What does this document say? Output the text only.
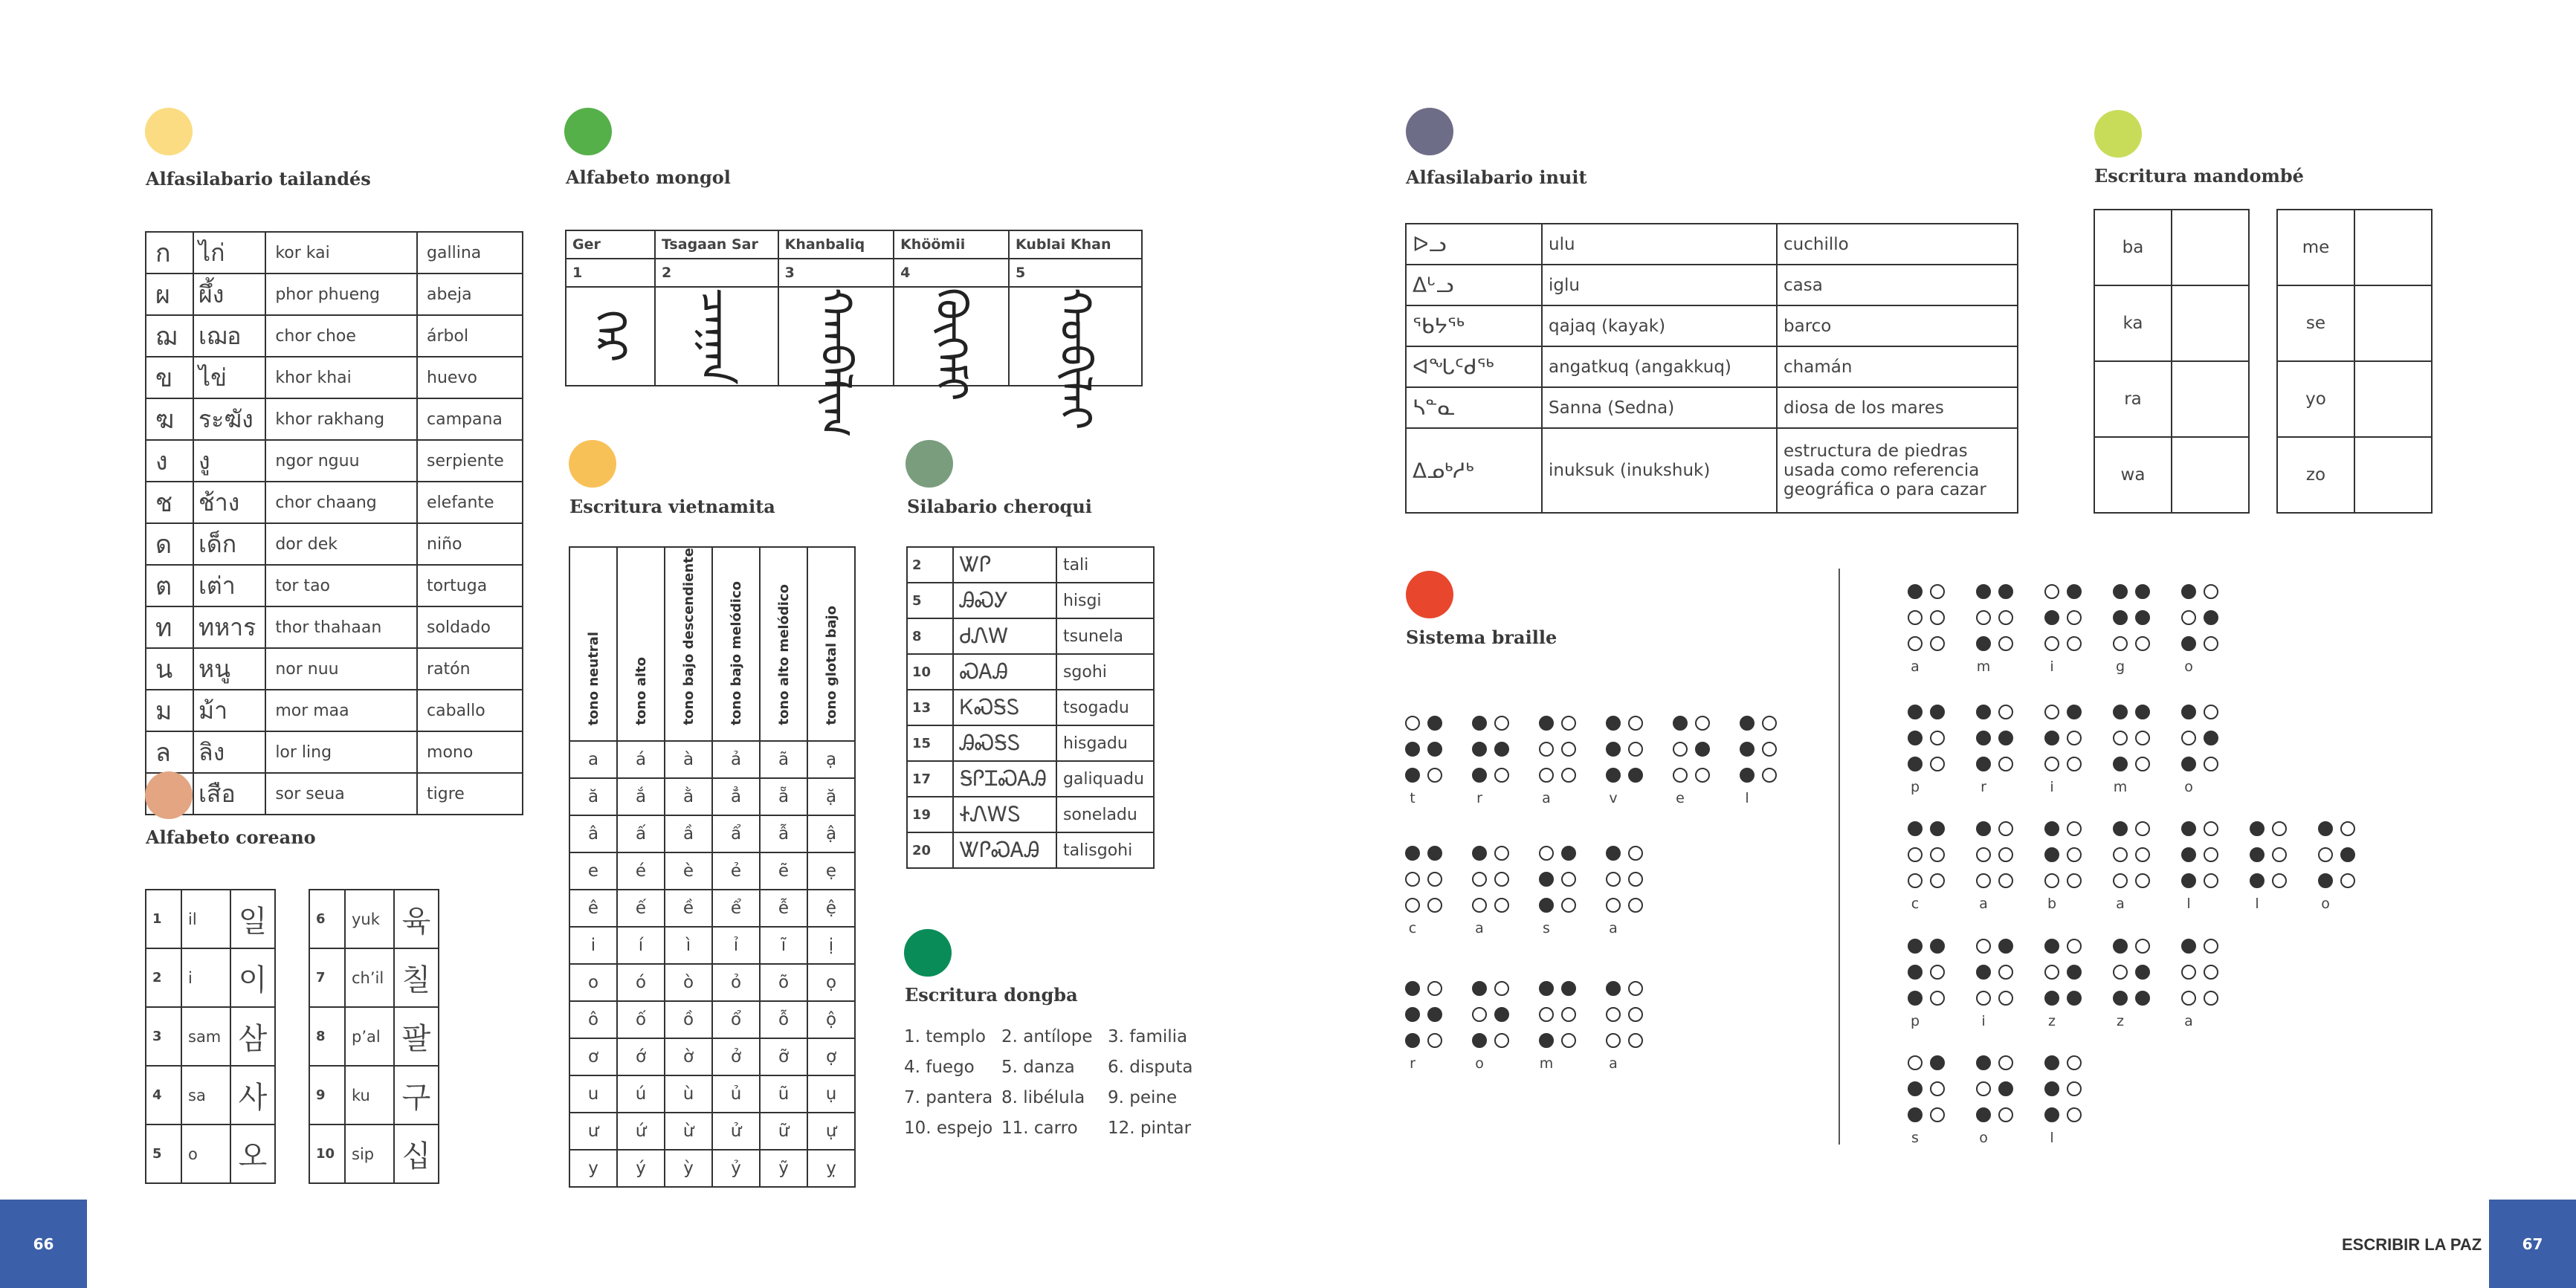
Alfasilabario tailandés
ก	ไก่	kor kai	gallina
ผ	ผึ้ง	phor phueng	abeja
ฌ	เฌอ	chor choe	árbol
ข	ไข่	khor khai	huevo
ฆ	ระฆัง	khor rakhang	campana
ง	งู	ngor nguu	serpiente
ช	ช้าง	chor chaang	elefante
ด	เด็ก	dor dek	niño
ต	เต่า	tor tao	tortuga
ท	ทหาร	thor thahaan	soldado
น	หนู	nor nuu	ratón
ม	ม้า	mor maa	caballo
ล	ลิง	lor ling	mono
	เสือ	sor seua	tigre
Alfabeto coreano
1	il	일
2	i	이
3	sam	삼
4	sa	사
5	o	오
6	yuk	육
7	ch’il	칠
8	p’al	팔
9	ku	구
10	sip	십
Alfabeto mongol
Ger	Tsagaan Sar	Khanbaliq	Khöömii	Kublai Khan
1	2	3	4	5
ᠭᠡᠷ	ᠴᠠᠭᠠᠨ	ᠬᠠᠨᠪᠠᠯᠢᠭ	ᠬᠥᠭᠡᠮᠢ	ᠬᠤᠪᠢᠯᠠᠢ
Escritura vietnamita
tono neutral	tono alto	tono bajo descendiente	tono bajo melódico	tono alto melódico	tono glotal bajo
a	á	à	ả	ã	ạ
ă	ắ	ằ	ẳ	ẵ	ặ
â	ấ	ầ	ẩ	ẫ	ậ
e	é	è	ẻ	ẽ	ẹ
ê	ế	ề	ể	ễ	ệ
i	í	ì	ỉ	ĩ	ị
o	ó	ò	ỏ	õ	ọ
ô	ố	ồ	ổ	ỗ	ộ
ơ	ớ	ờ	ở	ỡ	ợ
u	ú	ù	ủ	ũ	ụ
ư	ứ	ừ	ử	ữ	ự
y	ý	ỳ	ỷ	ỹ	ỵ
Silabario cheroqui
2	ᏔᎵ	tali
5	ᎯᏍᎩ	hisgi
8	ᏧᏁᎳ	tsunela
10	ᏍᎪᎯ	sgohi
13	ᏦᏍᎦᏚ	tsogadu
15	ᎯᏍᎦᏚ	hisgadu
17	ᎦᎵᏆᏍᎪᎯ	galiquadu
19	ᏐᏁᎳᏚ	soneladu
20	ᏔᎵᏍᎪᎯ	talisgohi
Escritura dongba
1. templo 2. antílope 3. familia
4. fuego 5. danza 6. disputa
7. pantera 8. libélula 9. peine
10. espejo 11. carro 12. pintar
66
Alfasilabario inuit
ᐅᓗ	ulu	cuchillo
ᐃᒡᓗ	iglu	casa
ᖃᔭᖅ	qajaq (kayak)	barco
ᐊᖓᑦᑯᖅ	angatkuq (angakkuq)	chamán
ᓴᓐᓇ	Sanna (Sedna)	diosa de los mares
ᐃᓄᒃᓱᒃ	inuksuk (inukshuk)	estructura de piedras usada como referencia geográfica o para cazar
Escritura mandombé
ba	
ka	
ra	
wa	
me	
se	
yo	
zo	
Sistema braille
t	r	a	v	e	l
c	a	s	a
r	o	m	a
a	m	i	g	o
p	r	i	m	o
c	a	b	a	l	l	o
p	i	z	z	a
s	o	l
ESCRIBIR LA PAZ	67
